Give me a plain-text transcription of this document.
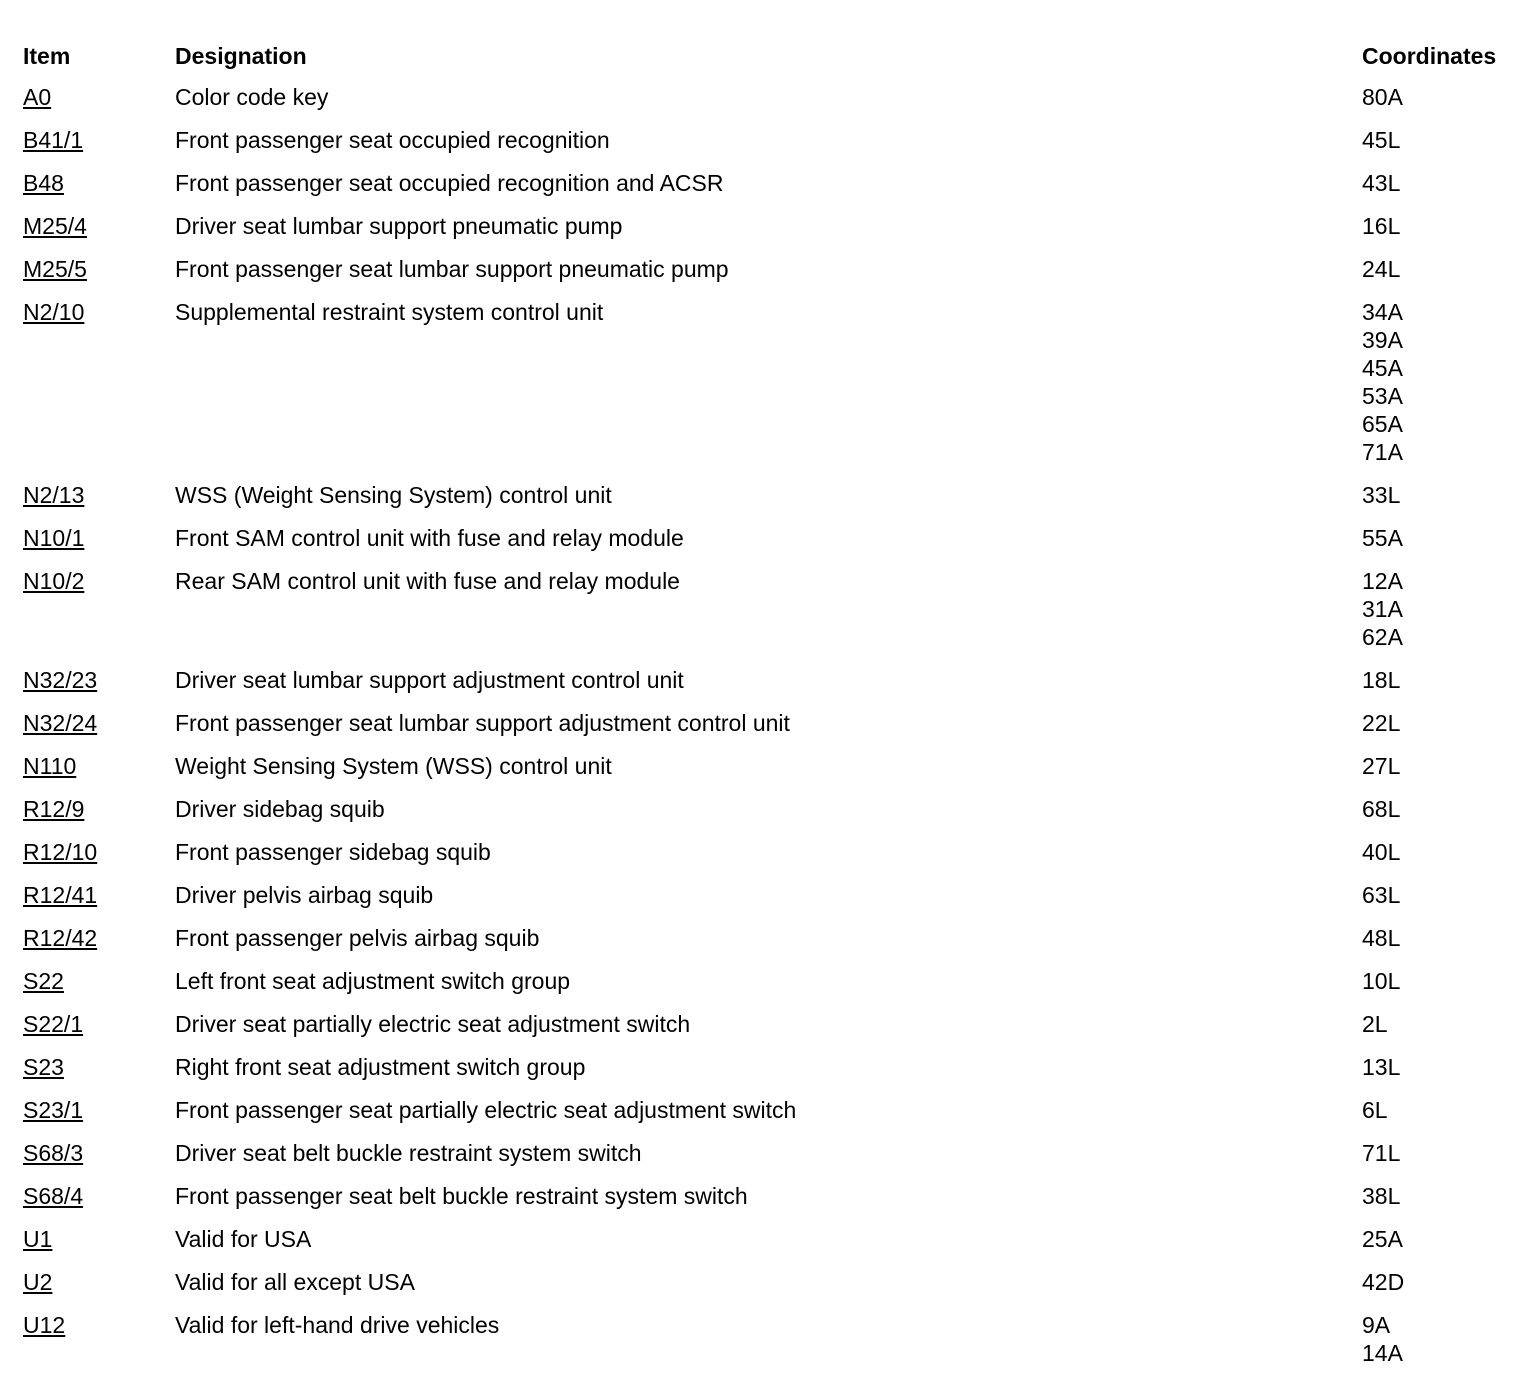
Item	Designation	Coordinates
A0	Color code key	80A
B41/1	Front passenger seat occupied recognition	45L
B48	Front passenger seat occupied recognition and ACSR	43L
M25/4	Driver seat lumbar support pneumatic pump	16L
M25/5	Front passenger seat lumbar support pneumatic pump	24L
N2/10	Supplemental restraint system control unit	34A
39A
45A
53A
65A
71A
N2/13	WSS (Weight Sensing System) control unit	33L
N10/1	Front SAM control unit with fuse and relay module	55A
N10/2	Rear SAM control unit with fuse and relay module	12A
31A
62A
N32/23	Driver seat lumbar support adjustment control unit	18L
N32/24	Front passenger seat lumbar support adjustment control unit	22L
N110	Weight Sensing System (WSS) control unit	27L
R12/9	Driver sidebag squib	68L
R12/10	Front passenger sidebag squib	40L
R12/41	Driver pelvis airbag squib	63L
R12/42	Front passenger pelvis airbag squib	48L
S22	Left front seat adjustment switch group	10L
S22/1	Driver seat partially electric seat adjustment switch	2L
S23	Right front seat adjustment switch group	13L
S23/1	Front passenger seat partially electric seat adjustment switch	6L
S68/3	Driver seat belt buckle restraint system switch	71L
S68/4	Front passenger seat belt buckle restraint system switch	38L
U1	Valid for USA	25A
U2	Valid for all except USA	42D
U12	Valid for left-hand drive vehicles	9A
14A
